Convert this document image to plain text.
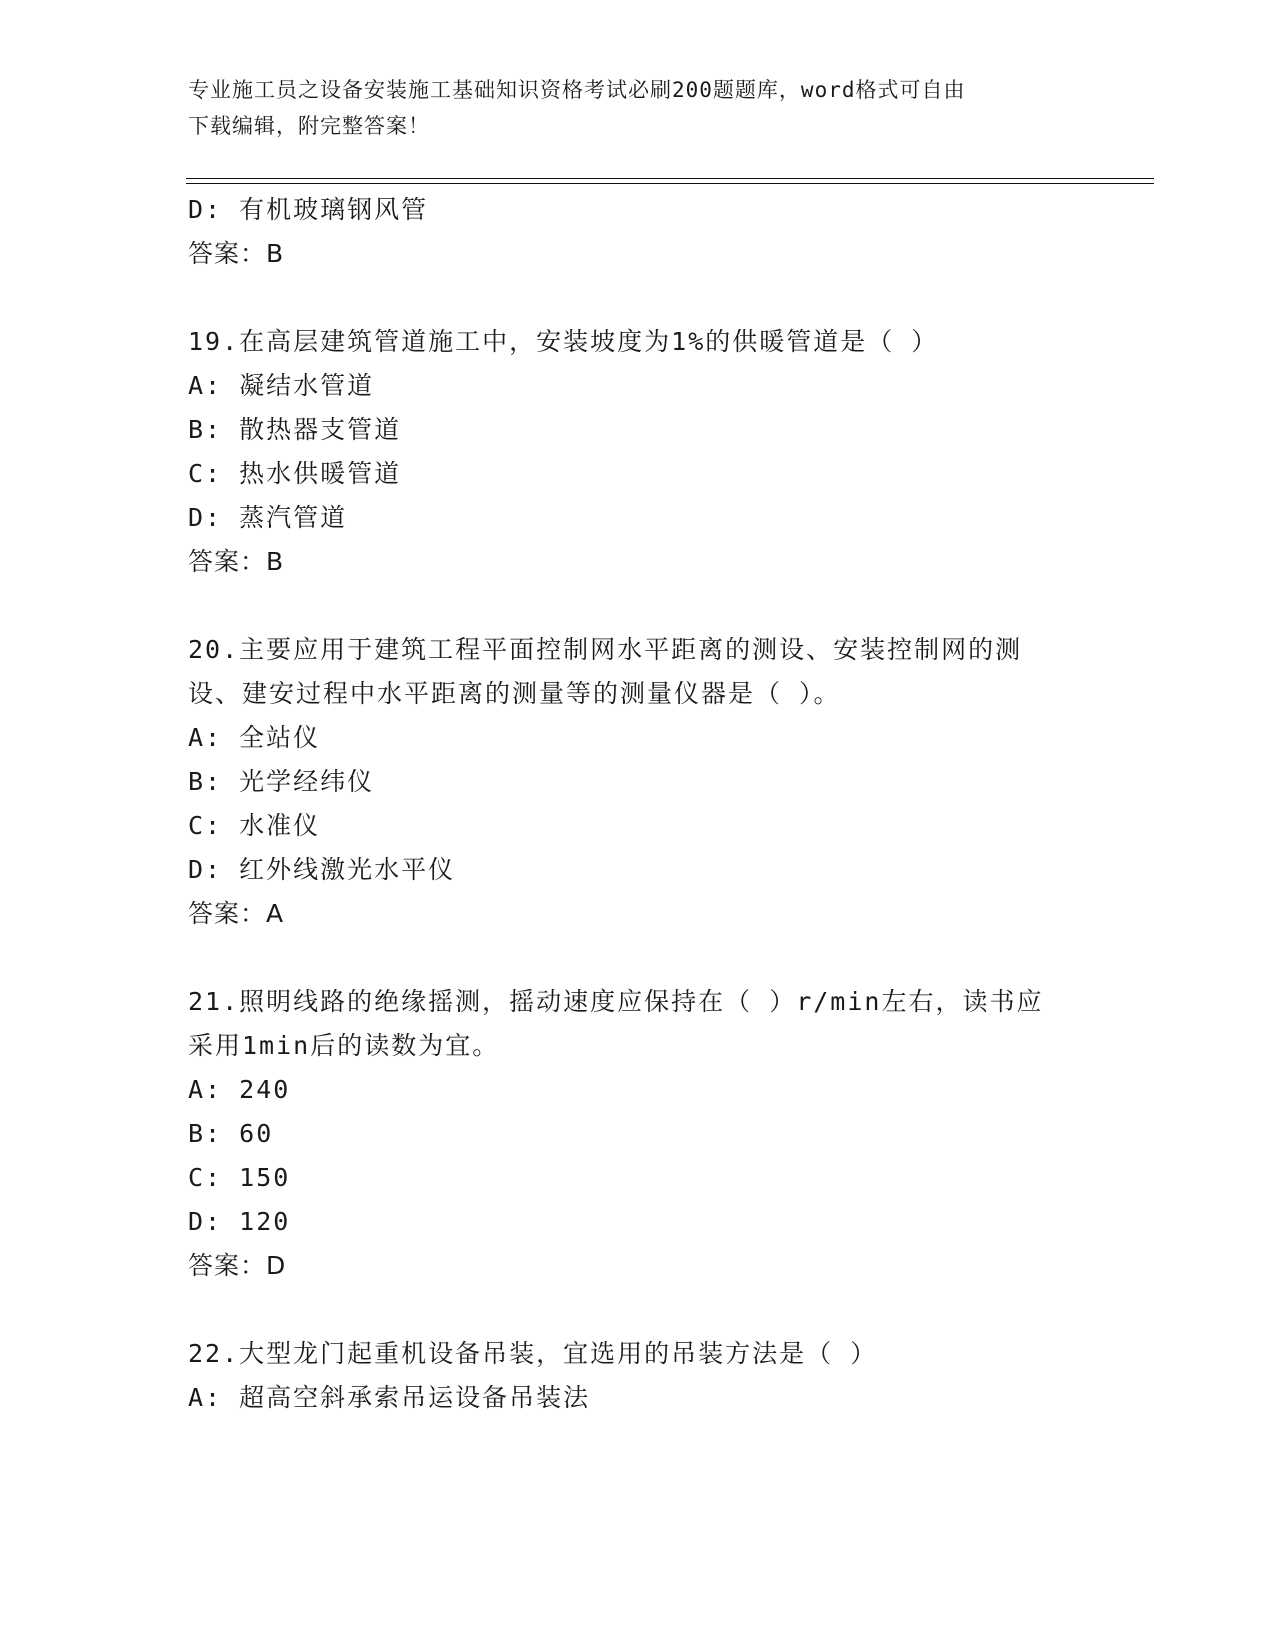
专业施工员之设备安装施工基础知识资格考试必刷200题题库，word格式可自由
下载编辑，附完整答案！
D: 有机玻璃钢风管
答案：B
19.在高层建筑管道施工中，安装坡度为1%的供暖管道是（ ）
A: 凝结水管道
B: 散热器支管道
C: 热水供暖管道
D: 蒸汽管道
答案：B
20.主要应用于建筑工程平面控制网水平距离的测设、安装控制网的测
设、建安过程中水平距离的测量等的测量仪器是（ ）。
A: 全站仪
B: 光学经纬仪
C: 水准仪
D: 红外线激光水平仪
答案：A
21.照明线路的绝缘摇测，摇动速度应保持在（ ）r/min左右，读书应
采用1min后的读数为宜。
A: 240
B: 60
C: 150
D: 120
答案：D
22.大型龙门起重机设备吊装，宜选用的吊装方法是（ ）
A: 超高空斜承索吊运设备吊装法
